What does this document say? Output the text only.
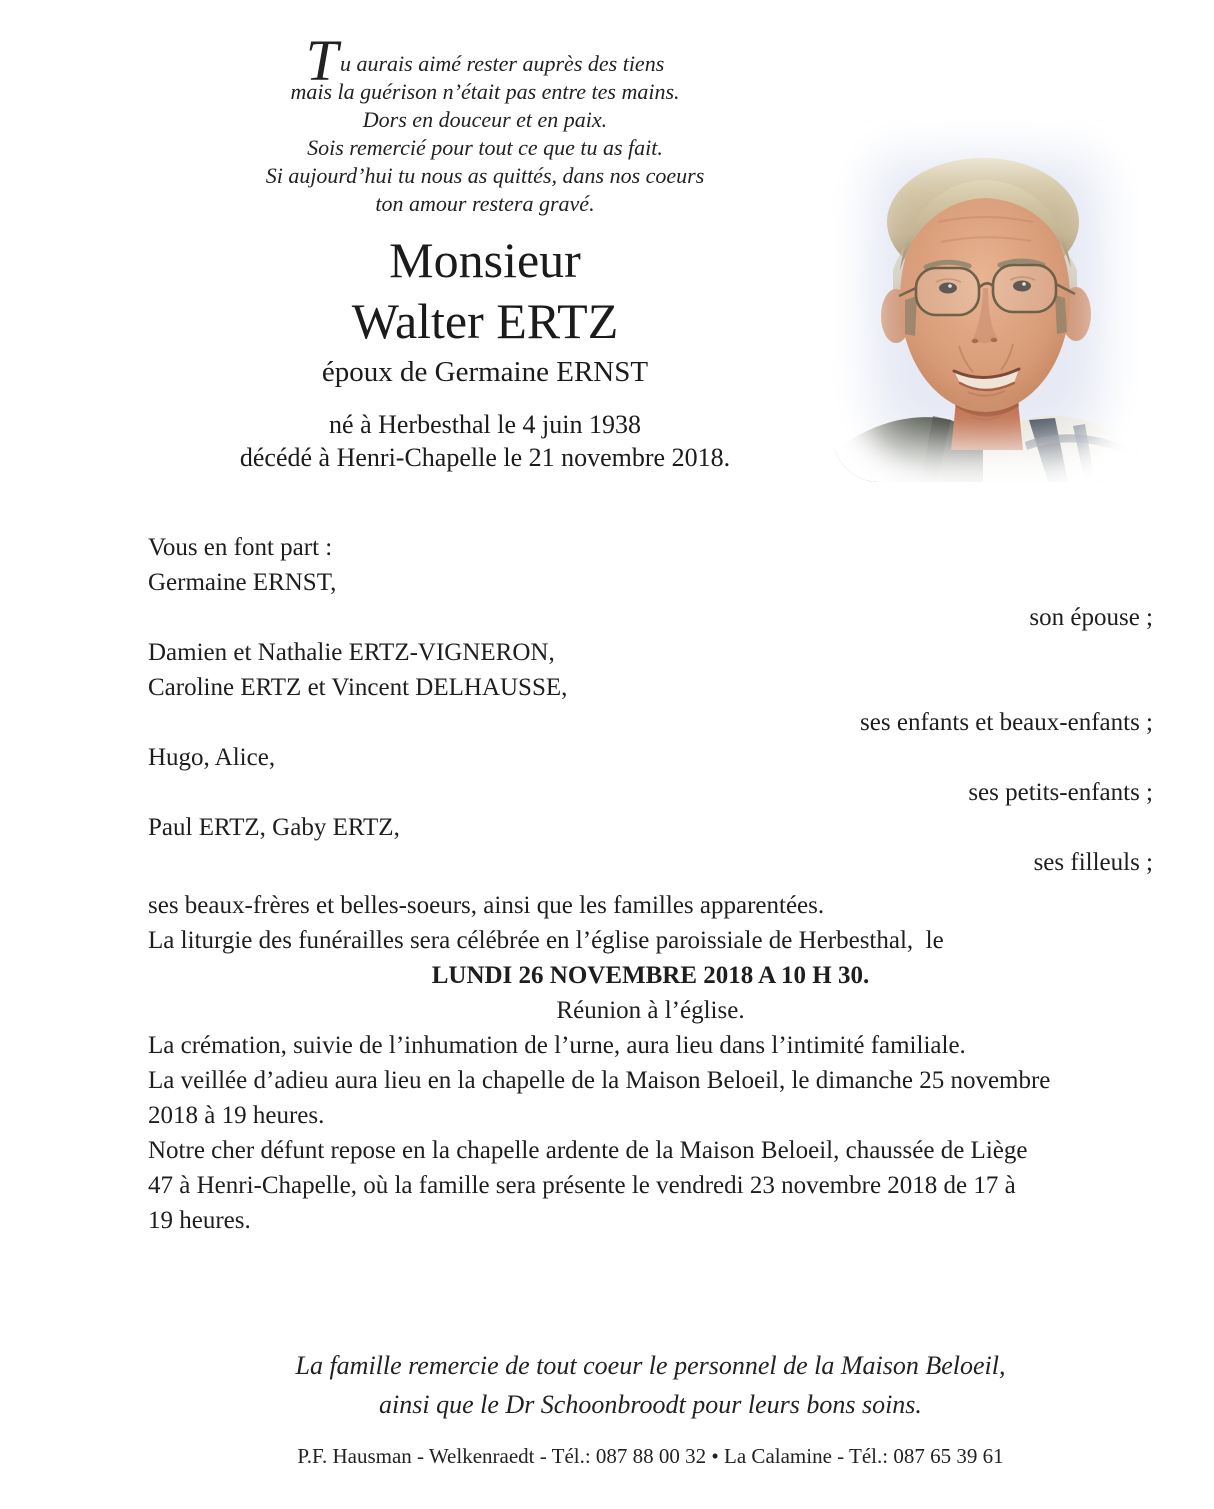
Tu aurais aimé rester auprès des tiens
mais la guérison n’était pas entre tes mains.
Dors en douceur et en paix.
Sois remercié pour tout ce que tu as fait.
Si aujourd’hui tu nous as quittés, dans nos coeurs
ton amour restera gravé.
Monsieur
Walter ERTZ
époux de Germaine ERNST
né à Herbesthal le 4 juin 1938
décédé à Henri-Chapelle le 21 novembre 2018.

Vous en font part :

Germaine ERNST,

son épouse ;

Damien et Nathalie ERTZ-VIGNERON,

Caroline ERTZ et Vincent DELHAUSSE,

ses enfants et beaux-enfants ;

Hugo, Alice,

ses petits-enfants ;

Paul ERTZ, Gaby ERTZ,

ses filleuls ;

ses beaux-frères et belles-soeurs, ainsi que les familles apparentées.

La liturgie des funérailles sera célébrée en l’église paroissiale de Herbesthal,  le

LUNDI 26 NOVEMBRE 2018 A 10 H 30.

Réunion à l’église.

La crémation, suivie de l’inhumation de l’urne, aura lieu dans l’intimité familiale.

La veillée d’adieu aura lieu en la chapelle de la Maison Beloeil, le dimanche 25 novembre
2018 à 19 heures.

Notre cher défunt repose en la chapelle ardente de la Maison Beloeil, chaussée de Liège
47 à Henri-Chapelle, où la famille sera présente le vendredi 23 novembre 2018 de 17 à
19 heures.

La famille remercie de tout coeur le personnel de la Maison Beloeil,
ainsi que le Dr Schoonbroodt pour leurs bons soins.
P.F. Hausman - Welkenraedt - Tél.: 087 88 00 32 • La Calamine - Tél.: 087 65 39 61
